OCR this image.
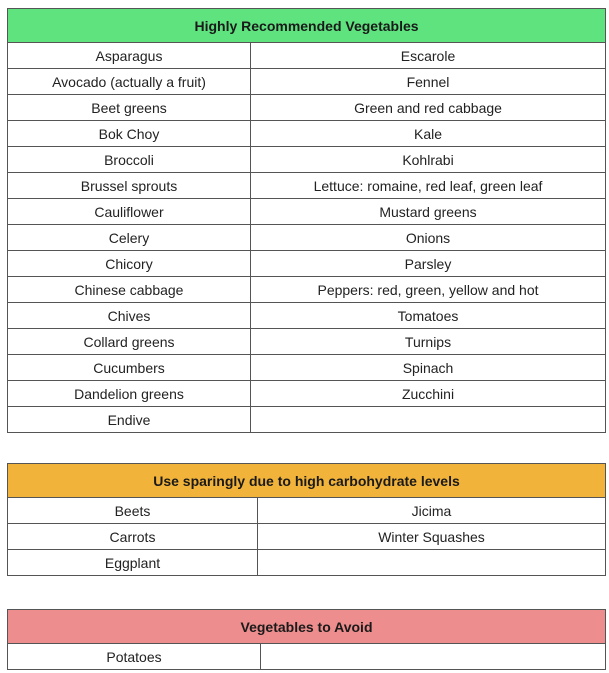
Highly Recommended Vegetables	
Asparagus	Escarole
Avocado (actually a fruit)	Fennel
Beet greens	Green and red cabbage
Bok Choy	Kale
Broccoli	Kohlrabi
Brussel sprouts	Lettuce: romaine, red leaf, green leaf
Cauliflower	Mustard greens
Celery	Onions
Chicory	Parsley
Chinese cabbage	Peppers: red, green, yellow and hot
Chives	Tomatoes
Collard greens	Turnips
Cucumbers	Spinach
Dandelion greens	Zucchini
Endive	
Use sparingly due to high carbohydrate levels	
Beets	Jicima
Carrots	Winter Squashes
Eggplant	
Vegetables to Avoid
Potatoes	
